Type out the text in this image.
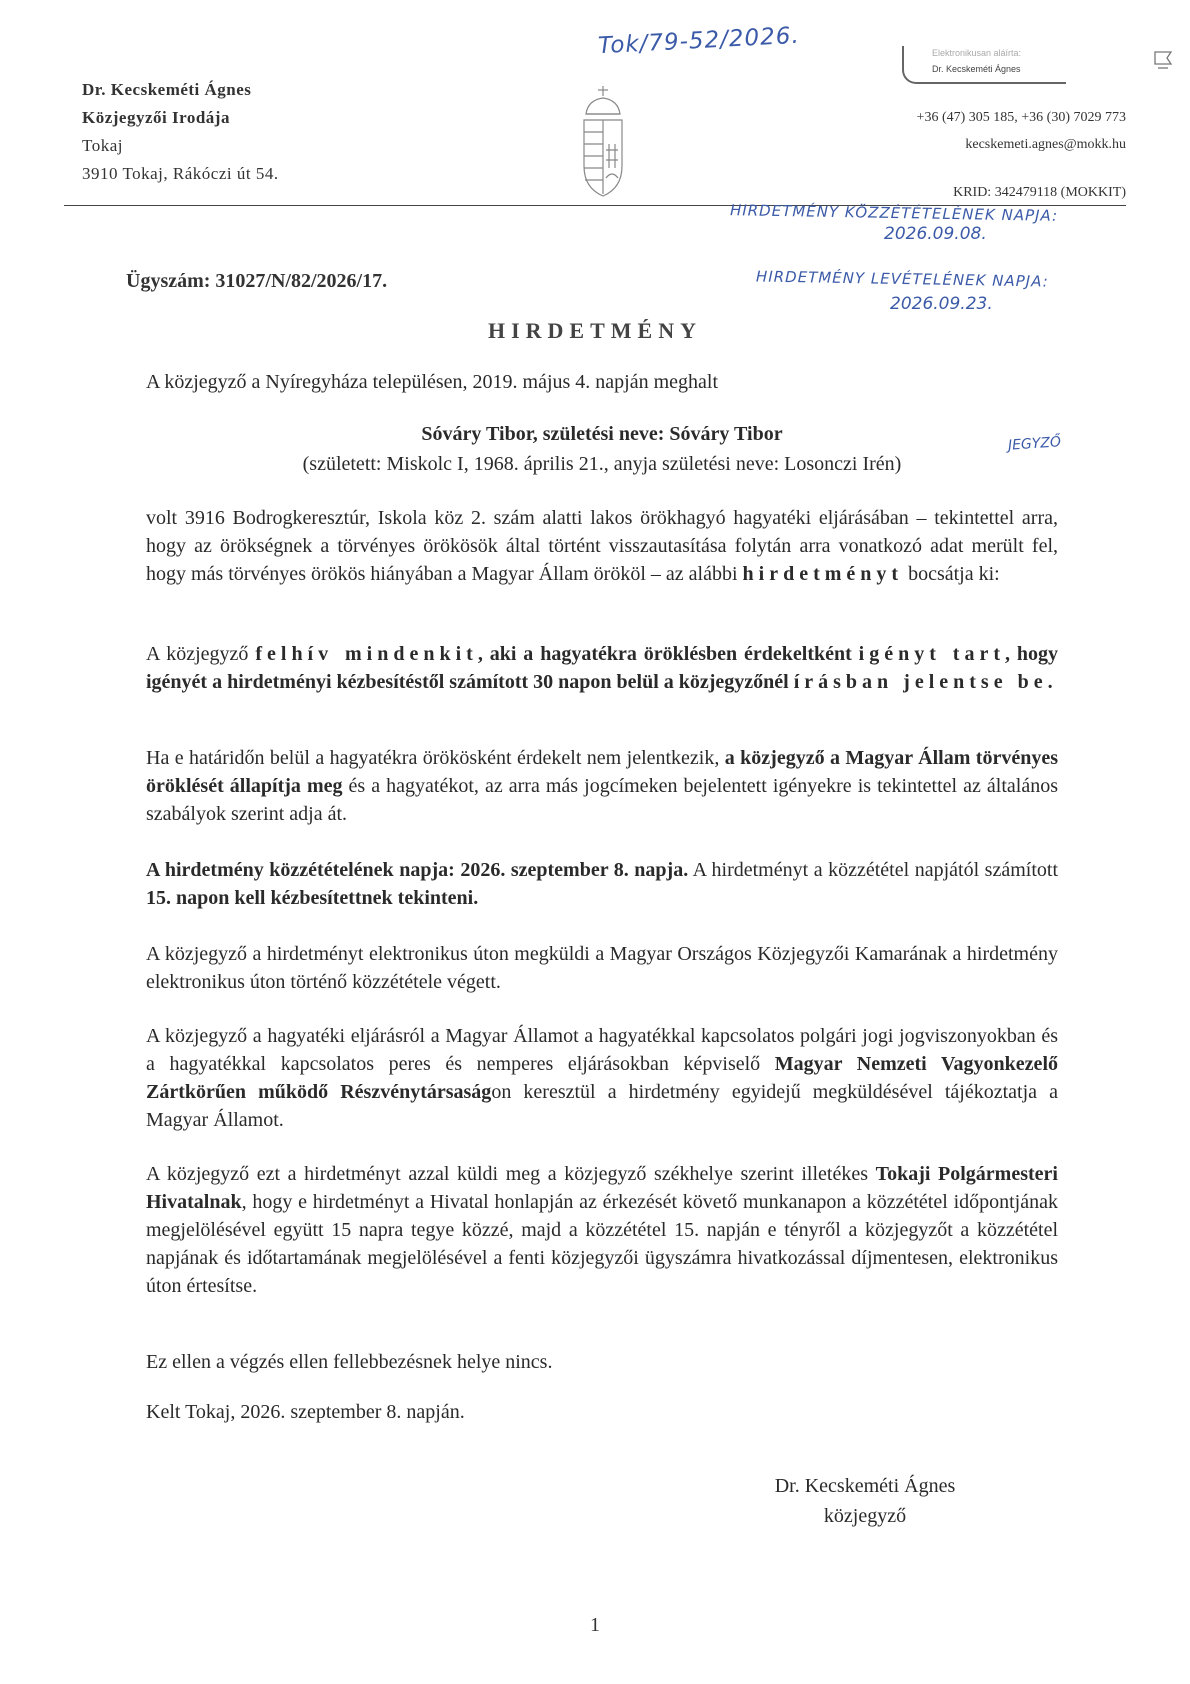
Dr. Kecskeméti Ágnes
Közjegyzői Irodája
Tokaj
3910 Tokaj, Rákóczi út 54.
Tok/79-52/2026.	Elektronikusan aláírta:
Dr. Kecskeméti Ágnes
+36 (47) 305 185, +36 (30) 7029 773
kecskemeti.agnes@mokk.hu
KRID: 342479118 (MOKKIT)
HIRDETMÉNY KÖZZÉTÉTELÉNEK NAPJA:
2026.09.08.
HIRDETMÉNY LEVÉTELÉNEK NAPJA:
2026.09.23.
Ügyszám: 31027/N/82/2026/17.
HIRDETMÉNY
A közjegyző a Nyíregyháza településen, 2019. május 4. napján meghalt
Sóváry Tibor, születési neve: Sóváry Tibor
(született: Miskolc I, 1968. április 21., anyja születési neve: Losonczi Irén)
JEGYZŐ
volt 3916 Bodrogkeresztúr, Iskola köz 2. szám alatti lakos örökhagyó hagyatéki eljárásában – tekintettel arra, hogy az örökségnek a törvényes örökösök által történt visszautasítása folytán arra vonatkozó adat merült fel, hogy más törvényes örökös hiányában a Magyar Állam örököl – az alábbi hirdetményt bocsátja ki:
A közjegyző felhív mindenkit, aki a hagyatékra öröklésben érdekeltként igényt tart, hogy igényét a hirdetményi kézbesítéstől számított 30 napon belül a közjegyzőnél írásban jelentse be.
Ha e határidőn belül a hagyatékra örökösként érdekelt nem jelentkezik, a közjegyző a Magyar Állam törvényes öröklését állapítja meg és a hagyatékot, az arra más jogcímeken bejelentett igényekre is tekintettel az általános szabályok szerint adja át.
A hirdetmény közzétételének napja: 2026. szeptember 8. napja. A hirdetményt a közzététel napjától számított 15. napon kell kézbesítettnek tekinteni.
A közjegyző a hirdetményt elektronikus úton megküldi a Magyar Országos Közjegyzői Kamarának a hirdetmény elektronikus úton történő közzététele végett.
A közjegyző a hagyatéki eljárásról a Magyar Államot a hagyatékkal kapcsolatos polgári jogi jogviszonyokban és a hagyatékkal kapcsolatos peres és nemperes eljárásokban képviselő Magyar Nemzeti Vagyonkezelő Zártkörűen működő Részvénytársaságon keresztül a hirdetmény egyidejű megküldésével tájékoztatja a Magyar Államot.
A közjegyző ezt a hirdetményt azzal küldi meg a közjegyző székhelye szerint illetékes Tokaji Polgármesteri Hivatalnak, hogy e hirdetményt a Hivatal honlapján az érkezését követő munkanapon a közzététel időpontjának megjelölésével együtt 15 napra tegye közzé, majd a közzététel 15. napján e tényről a közjegyzőt a közzététel napjának és időtartamának megjelölésével a fenti közjegyzői ügyszámra hivatkozással díjmentesen, elektronikus úton értesítse.
Ez ellen a végzés ellen fellebbezésnek helye nincs.
Kelt Tokaj, 2026. szeptember 8. napján.
Dr. Kecskeméti Ágnes
közjegyző
1
